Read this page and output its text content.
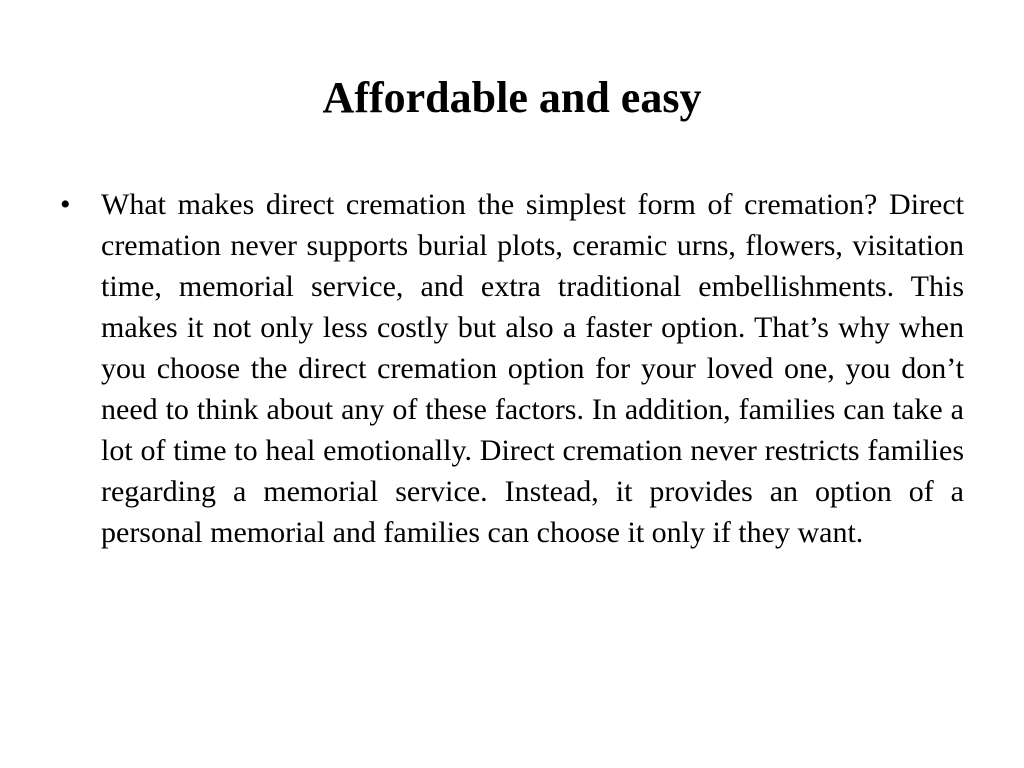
Affordable and easy
• What makes direct cremation the simplest form of cremation? Direct cremation never supports burial plots, ceramic urns, flowers, visitation time, memorial service, and extra traditional embellishments. This makes it not only less costly but also a faster option. That’s why when you choose the direct cremation option for your loved one, you don’t need to think about any of these factors. In addition, families can take a lot of time to heal emotionally. Direct cremation never restricts families regarding a memorial service. Instead, it provides an option of a personal memorial and families can choose it only if they want.
